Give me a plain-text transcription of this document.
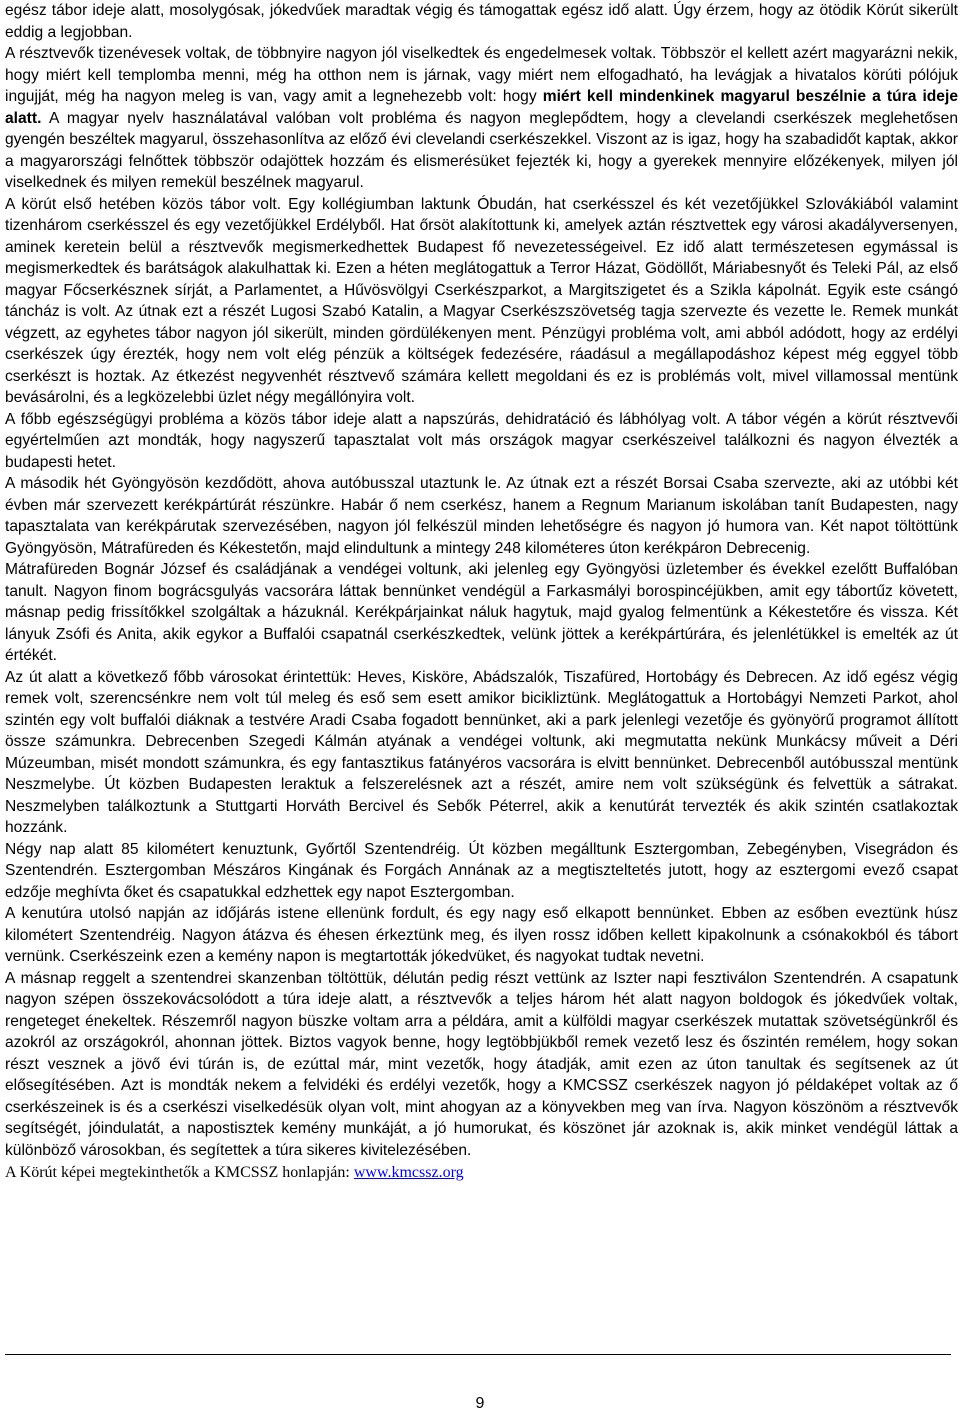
egész tábor ideje alatt, mosolygósak, jókedvűek maradtak végig és támogattak egész idő alatt. Úgy érzem, hogy az ötödik Körút sikerült eddig a legjobban.

A résztvevők tizenévesek voltak, de többnyire nagyon jól viselkedtek és engedelmesek voltak. Többször el kellett azért magyarázni nekik, hogy miért kell templomba menni, még ha otthon nem is járnak, vagy miért nem elfogadható, ha levágjak a hivatalos körúti pólójuk ingujját, még ha nagyon meleg is van, vagy amit a legnehezebb volt: hogy miért kell mindenkinek magyarul beszélnie a túra ideje alatt. A magyar nyelv használatával valóban volt probléma és nagyon meglepődtem, hogy a clevelandi cserkészek meglehetősen gyengén beszéltek magyarul, összehasonlítva az előző évi clevelandi cserkészekkel. Viszont az is igaz, hogy ha szabadidőt kaptak, akkor a magyarországi felnőttek többször odajöttek hozzám és elismerésüket fejezték ki, hogy a gyerekek mennyire előzékenyek, milyen jól viselkednek és milyen remekül beszélnek magyarul.

A körút első hetében közös tábor volt. Egy kollégiumban laktunk Óbudán, hat cserkésszel és két vezetőjükkel Szlovákiából valamint tizenhárom cserkésszel és egy vezetőjükkel Erdélyből. Hat őrsöt alakítottunk ki, amelyek aztán résztvettek egy városi akadályversenyen, aminek keretein belül a résztvevők megismerkedhettek Budapest fő nevezetességeivel. Ez idő alatt természetesen egymással is megismerkedtek és barátságok alakulhattak ki. Ezen a héten meglátogattuk a Terror Házat, Gödöllőt, Máriabesnyőt és Teleki Pál, az első magyar Főcserkésznek sírját, a Parlamentet, a Hűvösvölgyi Cserkészparkot, a Margitszigetet és a Szikla kápolnát. Egyik este csángó táncház is volt. Az útnak ezt a részét Lugosi Szabó Katalin, a Magyar Cserkészszövetség tagja szervezte és vezette le. Remek munkát végzett, az egyhetes tábor nagyon jól sikerült, minden gördülékenyen ment. Pénzügyi probléma volt, ami abból adódott, hogy az erdélyi cserkészek úgy érezték, hogy nem volt elég pénzük a költségek fedezésére, ráadásul a megállapodáshoz képest még eggyel több cserkészt is hoztak. Az étkezést negyvenhét résztvevő számára kellett megoldani és ez is problémás volt, mivel villamossal mentünk bevásárolni, és a legközelebbi üzlet négy megállónyira volt.

A főbb egészségügyi probléma a közös tábor ideje alatt a napszúrás, dehidratáció és lábhólyag volt. A tábor végén a körút résztvevői egyértelműen azt mondták, hogy nagyszerű tapasztalat volt más országok magyar cserkészeivel találkozni és nagyon élvezték a budapesti hetet.

A második hét Gyöngyösön kezdődött, ahova autóbusszal utaztunk le. Az útnak ezt a részét Borsai Csaba szervezte, aki az utóbbi két évben már szervezett kerékpártúrát részünkre. Habár ő nem cserkész, hanem a Regnum Marianum iskolában tanít Budapesten, nagy tapasztalata van kerékpárutak szervezésében, nagyon jól felkészül minden lehetőségre és nagyon jó humora van. Két napot töltöttünk Gyöngyösön, Mátrafüreden és Kékestetőn, majd elindultunk a mintegy 248 kilométeres úton kerékpáron Debrecenig.

Mátrafüreden Bognár József és családjának a vendégei voltunk, aki jelenleg egy Gyöngyösi üzletember és évekkel ezelőtt Buffalóban tanult. Nagyon finom bográcsgulyás vacsorára láttak bennünket vendégül a Farkasmályi borospincéjükben, amit egy tábortűz követett, másnap pedig frissítőkkel szolgáltak a házuknál. Kerékpárjainkat náluk hagytuk, majd gyalog felmentünk a Kékestetőre és vissza. Két lányuk Zsófi és Anita, akik egykor a Buffalói csapatnál cserkészkedtek, velünk jöttek a kerékpártúrára, és jelenlétükkel is emelték az út értékét.

Az út alatt a következő főbb városokat érintettük: Heves, Kisköre, Abádszalók, Tiszafüred, Hortobágy és Debrecen. Az idő egész végig remek volt, szerencsénkre nem volt túl meleg és eső sem esett amikor bicikliztünk. Meglátogattuk a Hortobágyi Nemzeti Parkot, ahol szintén egy volt buffalói diáknak a testvére Aradi Csaba fogadott bennünket, aki a park jelenlegi vezetője és gyönyörű programot állított össze számunkra. Debrecenben Szegedi Kálmán atyának a vendégei voltunk, aki megmutatta nekünk Munkácsy műveit a Déri Múzeumban, misét mondott számunkra, és egy fantasztikus fatányéros vacsorára is elvitt bennünket. Debrecenből autóbusszal mentünk Neszmelybe. Út közben Budapesten leraktuk a felszerelésnek azt a részét, amire nem volt szükségünk és felvettük a sátrakat. Neszmelyben találkoztunk a Stuttgarti Horváth Bercivel és Sebők Péterrel, akik a kenutúrát tervezték és akik szintén csatlakoztak hozzánk.

Négy nap alatt 85 kilométert kenuztunk, Győrtől Szentendréig. Út közben megálltunk Esztergomban, Zebegényben, Visegrádon és Szentendrén. Esztergomban Mészáros Kingának és Forgách Annának az a megtiszteltetés jutott, hogy az esztergomi evező csapat edzője meghívta őket és csapatukkal edzhettek egy napot Esztergomban.

A kenutúra utolsó napján az időjárás istene ellenünk fordult, és egy nagy eső elkapott bennünket. Ebben az esőben eveztünk húsz kilométert Szentendréig. Nagyon átázva és éhesen érkeztünk meg, és ilyen rossz időben kellett kipakolnunk a csónakokból és tábort vernünk. Cserkészeink ezen a kemény napon is megtartották jókedvüket, és nagyokat tudtak nevetni.

A másnap reggelt a szentendrei skanzenban töltöttük, délután pedig részt vettünk az Iszter napi fesztiválon Szentendrén. A csapatunk nagyon szépen összekovácsolódott a túra ideje alatt, a résztvevők a teljes három hét alatt nagyon boldogok és jókedvűek voltak, rengeteget énekeltek. Részemről nagyon büszke voltam arra a példára, amit a külföldi magyar cserkészek mutattak szövetségünkről és azokról az országokról, ahonnan jöttek. Biztos vagyok benne, hogy legtöbbjükből remek vezető lesz és őszintén remélem, hogy sokan részt vesznek a jövő évi túrán is, de ezúttal már, mint vezetők, hogy átadják, amit ezen az úton tanultak és segítsenek az út elősegítésében. Azt is mondták nekem a felvidéki és erdélyi vezetők, hogy a KMCSSZ cserkészek nagyon jó példaképet voltak az ő cserkészeinek is és a cserkészi viselkedésük olyan volt, mint ahogyan az a könyvekben meg van írva. Nagyon köszönöm a résztvevők segítségét, jóindulatát, a napostisztek kemény munkáját, a jó humorukat, és köszönet jár azoknak is, akik minket vendégül láttak a különböző városokban, és segítettek a túra sikeres kivitelezésében.

A Körút képei megtekinthetők a KMCSSZ honlapján: www.kmcssz.org

9
